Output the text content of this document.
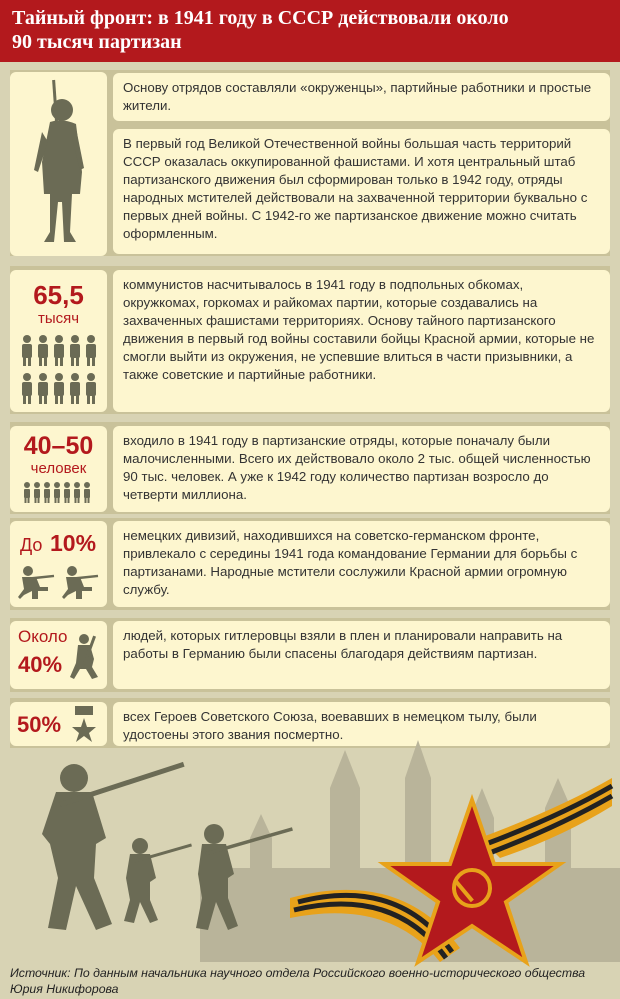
Тайный фронт: в 1941 году в СССР действовали около
90 тысяч партизан
Основу отрядов составляли «окруженцы», партийные работники и простые жители.
В первый год Великой Отечественной войны большая часть территорий СССР оказалась оккупированной фашистами. И хотя центральный штаб партизанского движения был сформирован только в 1942 году, отряды народных мстителей действовали на захваченной территории буквально с первых дней войны. С 1942-го же партизанское движение можно считать оформленным.
65,5
тысяч
коммунистов насчитывалось в 1941 году в подпольных обкомах, окружкомах, горкомах и райкомах партии, которые создавались на захваченных фашистами территориях. Основу тайного партизанского движения в первый год войны составили бойцы Красной армии, которые не смогли выйти из окружения, не успевшие влиться в части призывники, а также советские и партийные работники.
40–50
человек
входило в 1941 году в партизанские отряды, которые поначалу были малочисленными. Всего их действовало около 2 тыс. общей численностью 90 тыс. человек. А уже к 1942 году количество партизан возросло до четверти миллиона.
До 10%	немецких дивизий, находившихся на советско-германском фронте, привлекало с середины 1941 года командование Германии для борьбы с партизанами. Народные мстители сослужили Красной армии огромную службу.
Около
40%
людей, которых гитлеровцы взяли в плен и планировали направить на работы в Германию были спасены благодаря действиям партизан.
50%	всех Героев Советского Союза, воевавших в немецком тылу, были удостоены этого звания посмертно.
Источник: По данным начальника научного отдела Российского военно-исторического общества Юрия Никифорова
